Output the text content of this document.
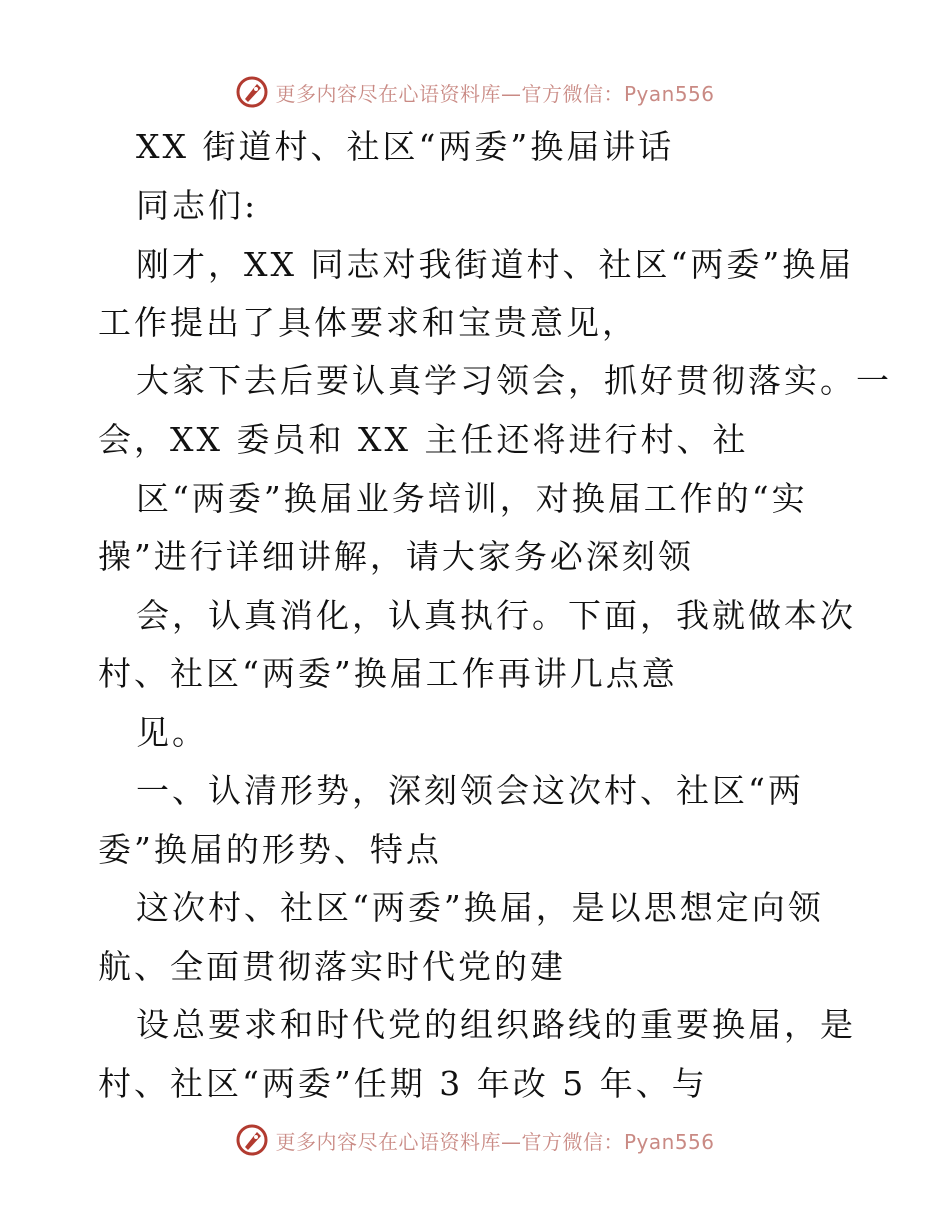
更多内容尽在心语资料库—官方微信：Pyan556
XX 街道村、社区“两委”换届讲话
同志们:
刚才，XX 同志对我街道村、社区“两委”换届
工作提出了具体要求和宝贵意见，
大家下去后要认真学习领会，抓好贯彻落实。一
会，XX 委员和 XX 主任还将进行村、社
区“两委”换届业务培训，对换届工作的“实
操”进行详细讲解，请大家务必深刻领
会，认真消化，认真执行。下面，我就做本次
村、社区“两委”换届工作再讲几点意
见。
一、认清形势，深刻领会这次村、社区“两
委”换届的形势、特点
这次村、社区“两委”换届，是以思想定向领
航、全面贯彻落实时代党的建
设总要求和时代党的组织路线的重要换届，是
村、社区“两委”任期 3 年改 5 年、与
更多内容尽在心语资料库—官方微信：Pyan556
